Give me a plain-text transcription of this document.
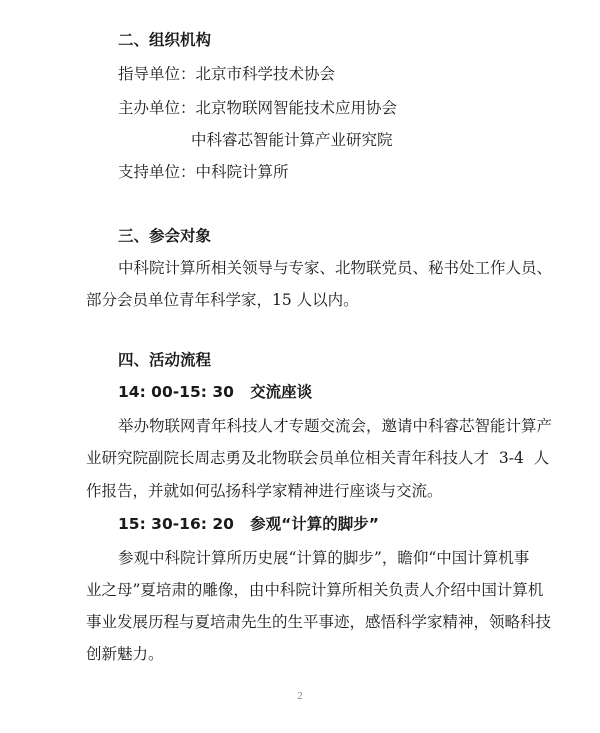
二、组织机构
指导单位：北京市科学技术协会
主办单位：北京物联网智能技术应用协会
中科睿芯智能计算产业研究院
支持单位：中科院计算所
三、参会对象
中科院计算所相关领导与专家、北物联党员、秘书处工作人员、
部分会员单位青年科学家，15 人以内。
四、活动流程
14: 00-15: 30   交流座谈
举办物联网青年科技人才专题交流会，邀请中科睿芯智能计算产
业研究院副院长周志勇及北物联会员单位相关青年科技人才  3-4  人
作报告，并就如何弘扬科学家精神进行座谈与交流。
15: 30-16: 20   参观“计算的脚步”
参观中科院计算所历史展“计算的脚步”，瞻仰“中国计算机事
业之母”夏培肃的雕像，由中科院计算所相关负责人介绍中国计算机
事业发展历程与夏培肃先生的生平事迹，感悟科学家精神，领略科技
创新魅力。
2
